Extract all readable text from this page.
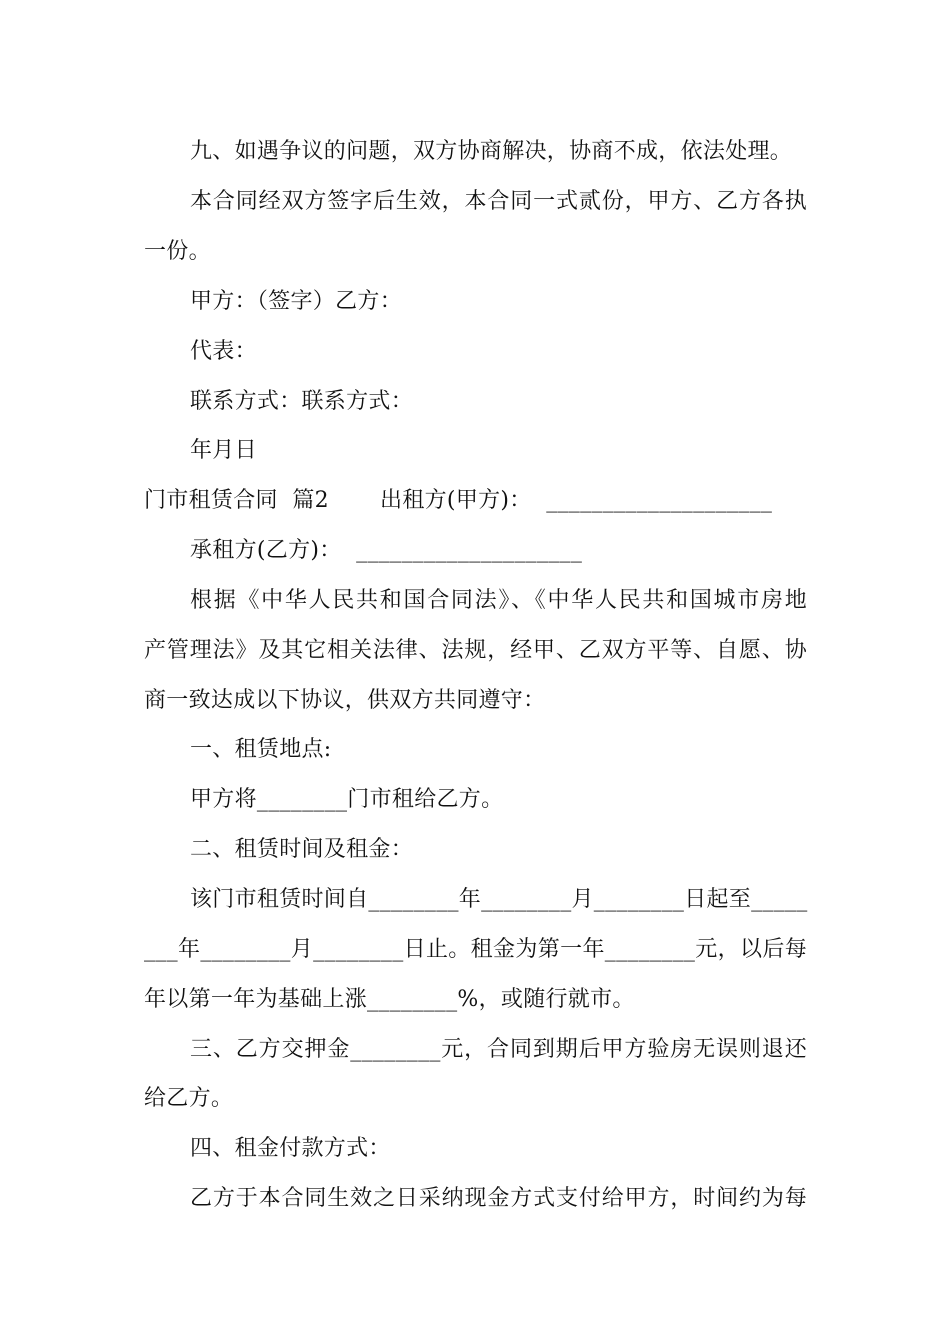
九、如遇争议的问题，双方协商解决，协商不成，依法处理。
本合同经双方签字后生效，本合同一式贰份，甲方、乙方各执
一份。
甲方：（签字）乙方：
代表：
联系方式：联系方式：
年月日
门市租赁合同  篇2       出租方(甲方)：  ____________________
承租方(乙方)：  ____________________
根据《中华人民共和国合同法》、《中华人民共和国城市房地
产管理法》及其它相关法律、法规，经甲、乙双方平等、自愿、协
商一致达成以下协议，供双方共同遵守：
一、租赁地点:
甲方将________门市租给乙方。
二、租赁时间及租金：
该门市租赁时间自________年________月________日起至_____
___年________月________日止。租金为第一年________元，以后每
年以第一年为基础上涨________%，或随行就市。
三、乙方交押金________元，合同到期后甲方验房无误则退还
给乙方。
四、租金付款方式：
乙方于本合同生效之日采纳现金方式支付给甲方，时间约为每
